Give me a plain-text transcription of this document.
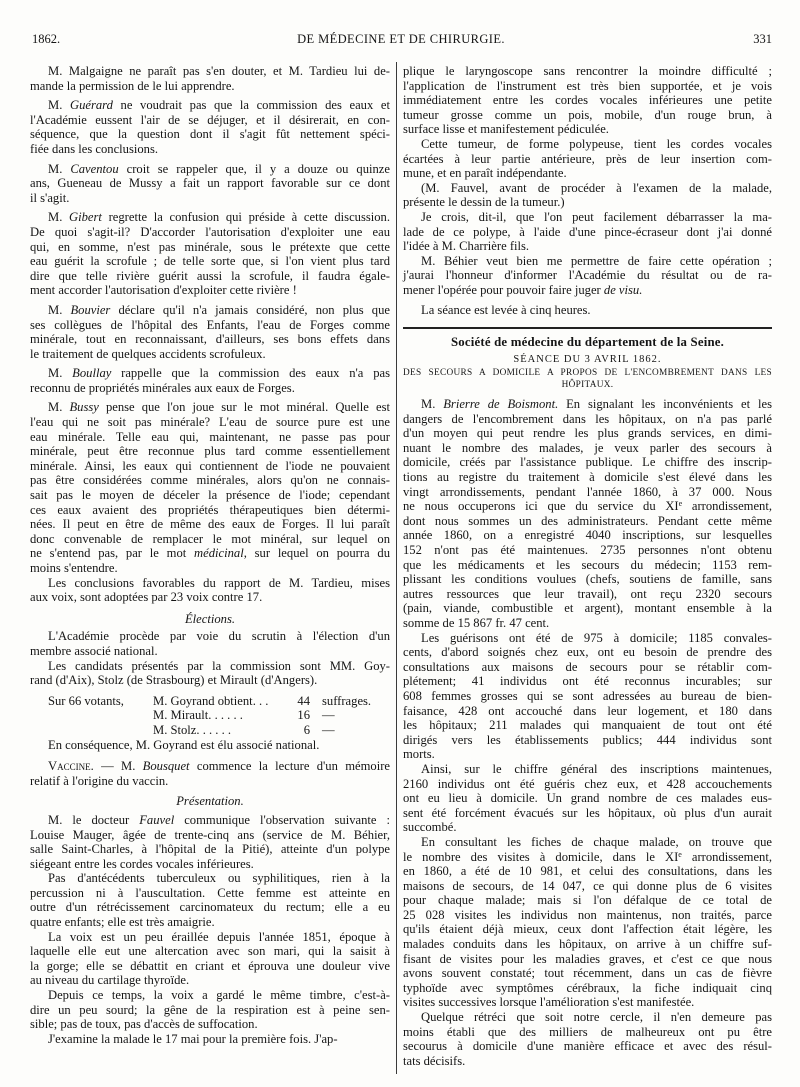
1862.	DE MÉDECINE ET DE CHIRURGIE.	331
M. Malgaigne ne paraît pas s'en douter, et M. Tardieu lui de-
mande la permission de le lui apprendre.
M. Guérard ne voudrait pas que la commission des eaux et
l'Académie eussent l'air de se déjuger, et il désirerait, en con-
séquence, que la question dont il s'agit fût nettement spéci-
fiée dans les conclusions.
M. Caventou croit se rappeler que, il y a douze ou quinze
ans, Gueneau de Mussy a fait un rapport favorable sur ce dont
il s'agit.
M. Gibert regrette la confusion qui préside à cette discussion.
De quoi s'agit-il? D'accorder l'autorisation d'exploiter une eau
qui, en somme, n'est pas minérale, sous le prétexte que cette
eau guérit la scrofule ; de telle sorte que, si l'on vient plus tard
dire que telle rivière guérit aussi la scrofule, il faudra égale-
ment accorder l'autorisation d'exploiter cette rivière !
M. Bouvier déclare qu'il n'a jamais considéré, non plus que
ses collègues de l'hôpital des Enfants, l'eau de Forges comme
minérale, tout en reconnaissant, d'ailleurs, ses bons effets dans
le traitement de quelques accidents scrofuleux.
M. Boullay rappelle que la commission des eaux n'a pas
reconnu de propriétés minérales aux eaux de Forges.
M. Bussy pense que l'on joue sur le mot minéral. Quelle est
l'eau qui ne soit pas minérale? L'eau de source pure est une
eau minérale. Telle eau qui, maintenant, ne passe pas pour
minérale, peut être reconnue plus tard comme essentiellement
minérale. Ainsi, les eaux qui contiennent de l'iode ne pouvaient
pas être considérées comme minérales, alors qu'on ne connais-
sait pas le moyen de déceler la présence de l'iode; cependant
ces eaux avaient des propriétés thérapeutiques bien détermi-
nées. Il peut en être de même des eaux de Forges. Il lui paraît
donc convenable de remplacer le mot minéral, sur lequel on
ne s'entend pas, par le mot médicinal, sur lequel on pourra du
moins s'entendre.
Les conclusions favorables du rapport de M. Tardieu, mises
aux voix, sont adoptées par 23 voix contre 17.
Élections.
L'Académie procède par voie du scrutin à l'élection d'un
membre associé national.
Les candidats présentés par la commission sont MM. Goy-
rand (d'Aix), Stolz (de Strasbourg) et Mirault (d'Angers).
Sur 66 votants,	M. Goyrand obtient. . .	44 suffrages.
M. Mirault. . . . . .	16 —
M. Stolz. . . . . .	6 —
En conséquence, M. Goyrand est élu associé national.
Vaccine. — M. Bousquet commence la lecture d'un mémoire
relatif à l'origine du vaccin.
Présentation.
M. le docteur Fauvel communique l'observation suivante :
Louise Mauger, âgée de trente-cinq ans (service de M. Béhier,
salle Saint-Charles, à l'hôpital de la Pitié), atteinte d'un polype
siégeant entre les cordes vocales inférieures.
Pas d'antécédents tuberculeux ou syphilitiques, rien à la
percussion ni à l'auscultation. Cette femme est atteinte en
outre d'un rétrécissement carcinomateux du rectum; elle a eu
quatre enfants; elle est très amaigrie.
La voix est un peu éraillée depuis l'année 1851, époque à
laquelle elle eut une altercation avec son mari, qui la saisit à
la gorge; elle se débattit en criant et éprouva une douleur vive
au niveau du cartilage thyroïde.
Depuis ce temps, la voix a gardé le même timbre, c'est-à-
dire un peu sourd; la gêne de la respiration est à peine sen-
sible; pas de toux, pas d'accès de suffocation.
J'examine la malade le 17 mai pour la première fois. J'ap-
plique le laryngoscope sans rencontrer la moindre difficulté ;
l'application de l'instrument est très bien supportée, et je vois
immédiatement entre les cordes vocales inférieures une petite
tumeur grosse comme un pois, mobile, d'un rouge brun, à
surface lisse et manifestement pédiculée.
Cette tumeur, de forme polypeuse, tient les cordes vocales
écartées à leur partie antérieure, près de leur insertion com-
mune, et en paraît indépendante.
(M. Fauvel, avant de procéder à l'examen de la malade,
présente le dessin de la tumeur.)
Je crois, dit-il, que l'on peut facilement débarrasser la ma-
lade de ce polype, à l'aide d'une pince-écraseur dont j'ai donné
l'idée à M. Charrière fils.
M. Béhier veut bien me permettre de faire cette opération ;
j'aurai l'honneur d'informer l'Académie du résultat ou de ra-
mener l'opérée pour pouvoir faire juger de visu.
La séance est levée à cinq heures.
Société de médecine du département de la Seine.
SÉANCE DU 3 AVRIL 1862.
DES SECOURS A DOMICILE A PROPOS DE L'ENCOMBREMENT DANS LES
HÔPITAUX.
M. Brierre de Boismont. En signalant les inconvénients et les
dangers de l'encombrement dans les hôpitaux, on n'a pas parlé
d'un moyen qui peut rendre les plus grands services, en dimi-
nuant le nombre des malades, je veux parler des secours à
domicile, créés par l'assistance publique. Le chiffre des inscrip-
tions au registre du traitement à domicile s'est élevé dans les
vingt arrondissements, pendant l'année 1860, à 37 000. Nous
ne nous occuperons ici que du service du XIe arrondissement,
dont nous sommes un des administrateurs. Pendant cette même
année 1860, on a enregistré 4040 inscriptions, sur lesquelles
152 n'ont pas été maintenues. 2735 personnes n'ont obtenu
que les médicaments et les secours du médecin; 1153 rem-
plissant les conditions voulues (chefs, soutiens de famille, sans
autres ressources que leur travail), ont reçu 2320 secours
(pain, viande, combustible et argent), montant ensemble à la
somme de 15 867 fr. 47 cent.
Les guérisons ont été de 975 à domicile; 1185 convales-
cents, d'abord soignés chez eux, ont eu besoin de prendre des
consultations aux maisons de secours pour se rétablir com-
plétement; 41 individus ont été reconnus incurables; sur
608 femmes grosses qui se sont adressées au bureau de bien-
faisance, 428 ont accouché dans leur logement, et 180 dans
les hôpitaux; 211 malades qui manquaient de tout ont été
dirigés vers les établissements publics; 444 individus sont
morts.
Ainsi, sur le chiffre général des inscriptions maintenues,
2160 individus ont été guéris chez eux, et 428 accouchements
ont eu lieu à domicile. Un grand nombre de ces malades eus-
sent été forcément évacués sur les hôpitaux, où plus d'un aurait
succombé.
En consultant les fiches de chaque malade, on trouve que
le nombre des visites à domicile, dans le XIe arrondissement,
en 1860, a été de 10 981, et celui des consultations, dans les
maisons de secours, de 14 047, ce qui donne plus de 6 visites
pour chaque malade; mais si l'on défalque de ce total de
25 028 visites les individus non maintenus, non traités, parce
qu'ils étaient déjà mieux, ceux dont l'affection était légère, les
malades conduits dans les hôpitaux, on arrive à un chiffre suf-
fisant de visites pour les maladies graves, et c'est ce que nous
avons souvent constaté; tout récemment, dans un cas de fièvre
typhoïde avec symptômes cérébraux, la fiche indiquait cinq
visites successives lorsque l'amélioration s'est manifestée.
Quelque rétréci que soit notre cercle, il n'en demeure pas
moins établi que des milliers de malheureux ont pu être
secourus à domicile d'une manière efficace et avec des résul-
tats décisifs.
